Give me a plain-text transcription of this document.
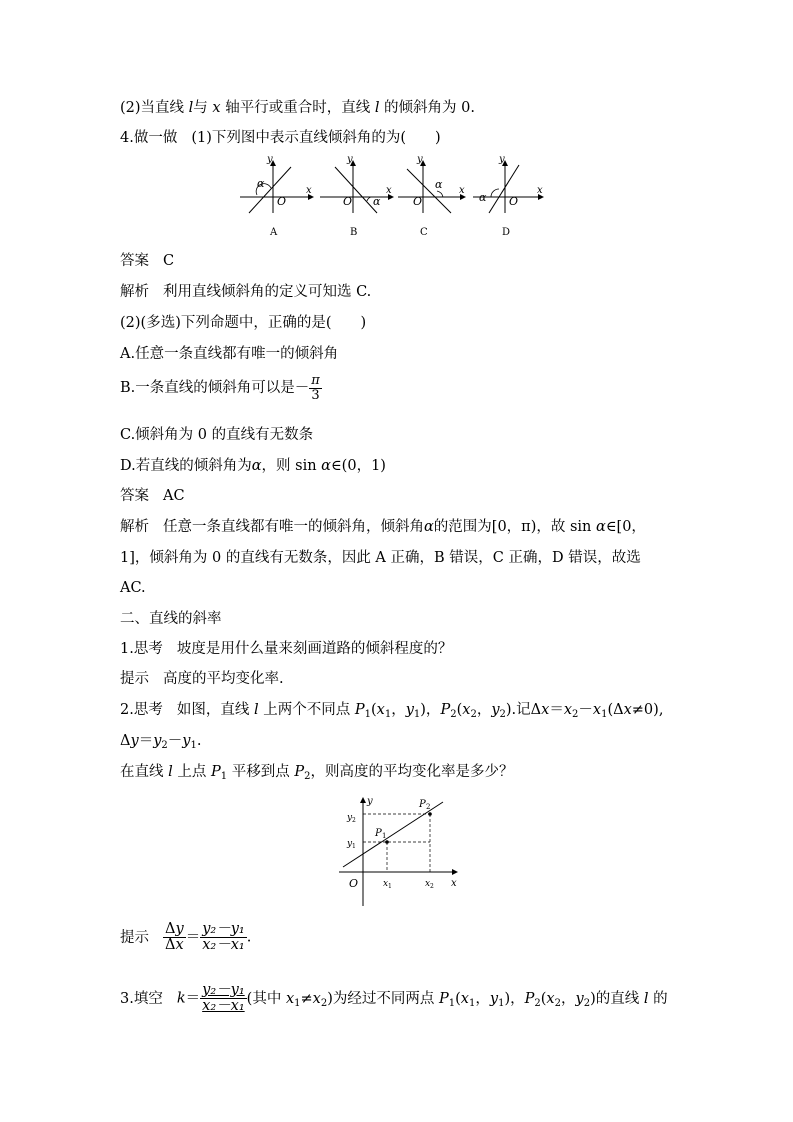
(2)当直线 l与 x 轴平行或重合时，直线 l 的倾斜角为 0.
4.做一做 (1)下列图中表示直线倾斜角的为(　　)
y
x
O
α
A
y
x
O α
B
y
x
O
α
C
y
x
O
α
D
答案 C
解析 利用直线倾斜角的定义可知选 C.
(2)(多选)下列命题中，正确的是(　　)
A.任意一条直线都有唯一的倾斜角
B.一条直线的倾斜角可以是－ $\frac{\pi}{3}$
C.倾斜角为 0 的直线有无数条
D.若直线的倾斜角为α，则 sin α∈(0，1)
答案 AC
解析 任意一条直线都有唯一的倾斜角，倾斜角α的范围为[0，π)，故 sin α∈[0，
1]，倾斜角为 0 的直线有无数条，因此 A 正确，B 错误，C 正确，D 错误，故选
AC.
二、直线的斜率
1.思考 坡度是用什么量来刻画道路的倾斜程度的？
提示 高度的平均变化率.
2.思考 如图，直线 l 上两个不同点 $P_1(x_1$，$y_1$)，$P_2(x_2$，$y_2$).记$\Delta x=x_2-x_1(\Delta x\ne 0)$,
$\Delta y=y_2-y_1$.
在直线 l 上点 $P_1$ 平移到点 $P_2$，则高度的平均变化率是多少？
y
x
O
P 1
P 2
y 2
y 1
x 1	x 2
提示 $\frac{\Delta y}{\Delta x} = \frac{\text{y₂－y₁}}{\text{x₂－x₁}}$ .
3.填空 $k= \frac{\text{y₂－y₁}}{\text{x₂－x₁}}$ (其中 $x_1\ne x_2$)为经过不同两点 $P_1(x_1$，$y_1$)，$P_2(x_2$，$y_2$)的直线 l 的
